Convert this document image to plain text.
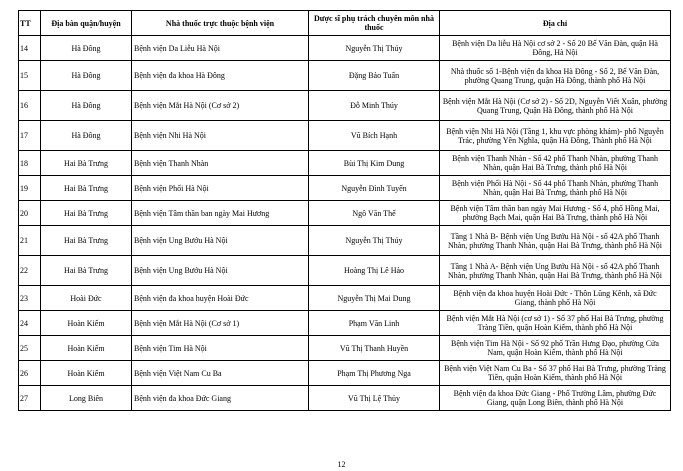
TT	Địa bàn quận/huyện	Nhà thuốc trực thuộc bệnh viện	Dược sĩ phụ trách chuyên môn nhà thuốc	Địa chỉ
14	Hà Đông	Bệnh viện Da Liễu Hà Nội	Nguyễn Thị Thúy	Bệnh viện Da liễu Hà Nội cơ sở 2 - Số 20 Bế Văn Đàn, quận Hà Đông, Hà Nội
15	Hà Đông	Bệnh viện đa khoa Hà Đông	Đặng Bảo Tuấn	Nhà thuốc số 1-Bệnh viện đa khoa Hà Đông - Số 2, Bế Văn Đàn, phường Quang Trung, quận Hà Đông, thành phố Hà Nội
16	Hà Đông	Bệnh viện Mắt Hà Nội (Cơ sở 2)	Đỗ Minh Thúy	Bệnh viện Mắt Hà Nội (Cơ sở 2) - Số 2D, Nguyễn Viết Xuân, phường Quang Trung, Quận Hà Đông, thành phố Hà Nội
17	Hà Đông	Bệnh viện Nhi Hà Nội	Vũ Bích Hạnh	Bệnh viện Nhi Hà Nội (Tầng 1, khu vực phòng khám)- phố Nguyễn Trác, phường Yên Nghĩa, quận Hà Đông, Thành phố Hà Nội
18	Hai Bà Trưng	Bệnh viện Thanh Nhàn	Bùi Thị Kim Dung	Bệnh viện Thanh Nhàn - Số 42 phố Thanh Nhàn, phường Thanh Nhàn, quận Hai Bà Trưng, thành phố Hà Nội
19	Hai Bà Trưng	Bệnh viện Phổi Hà Nội	Nguyễn Đình Tuyến	Bệnh viện Phổi Hà Nội - Số 44 phố Thanh Nhàn, phường Thanh Nhàn, quận Hai Bà Trưng, thành phố Hà Nội
20	Hai Bà Trưng	Bệnh viện Tâm thần ban ngày Mai Hương	Ngô Văn Thế	Bệnh viện Tâm thần ban ngày Mai Hương - Số 4, phố Hồng Mai, phường Bạch Mai, quận Hai Bà Trưng, thành phố Hà Nội
21	Hai Bà Trưng	Bệnh viện Ung Bướu Hà Nội	Nguyễn Thị Thúy	Tầng 1 Nhà B- Bệnh viện Ung Bướu Hà Nội - số 42A phố Thanh Nhàn, phường Thanh Nhàn, quận Hai Bà Trưng, thành phố Hà Nội
22	Hai Bà Trưng	Bệnh viện Ung Bướu Hà Nội	Hoàng Thị Lê Hảo	Tầng 1 Nhà A- Bệnh viện Ung Bướu Hà Nội - số 42A phố Thanh Nhàn, phường Thanh Nhàn, quận Hai Bà Trưng, thành phố Hà Nội
23	Hoài Đức	Bệnh viện đa khoa huyện Hoài Đức	Nguyễn Thị Mai Dung	Bệnh viện đa khoa huyện Hoài Đức - Thôn Lũng Kênh, xã Đức Giang, thành phố Hà Nội
24	Hoàn Kiếm	Bệnh viện Mắt Hà Nội (Cơ sở 1)	Phạm Văn Linh	Bệnh viện Mắt Hà Nội (cơ sở 1) - Số 37 phố Hai Bà Trưng, phường Tràng Tiền, quận Hoàn Kiếm, thành phố Hà Nội
25	Hoàn Kiếm	Bệnh viện Tim Hà Nội	Vũ Thị Thanh Huyền	Bệnh viện Tim Hà Nội - Số 92 phố Trần Hưng Đạo, phường Cửa Nam, quận Hoàn Kiếm, thành phố Hà Nội
26	Hoàn Kiếm	Bệnh viện Việt Nam Cu Ba	Phạm Thị Phương Nga	Bệnh viện Việt Nam Cu Ba - Số 37 phố Hai Bà Trưng, phường Tràng Tiền, quận Hoàn Kiếm, thành phố Hà Nội
27	Long Biên	Bệnh viện đa khoa Đức Giang	Vũ Thị Lệ Thủy	Bệnh viện đa khoa Đức Giang - Phố Trường Lâm, phường Đức Giang, quận Long Biên, thành phố Hà Nội
12
